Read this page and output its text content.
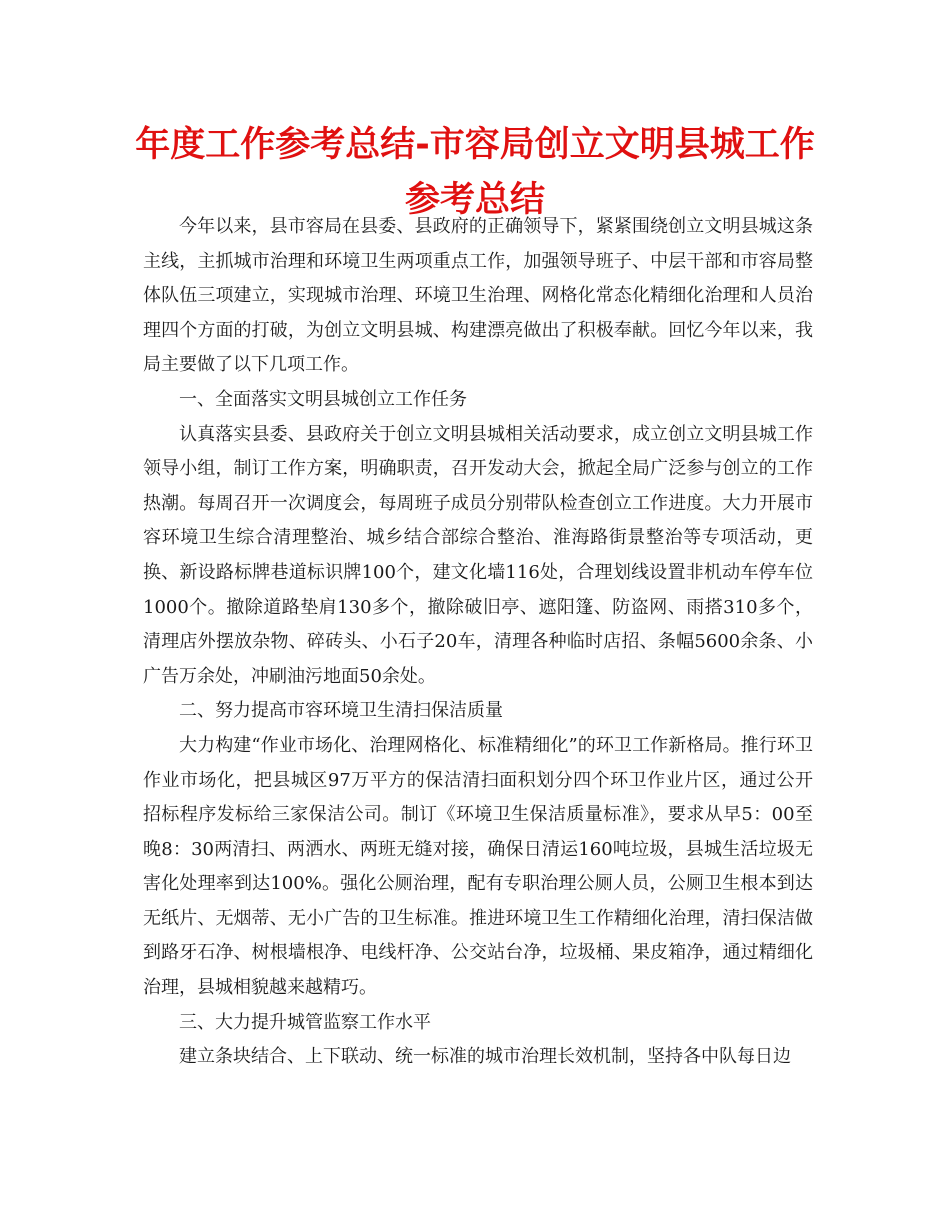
年度工作参考总结-市容局创立文明县城工作参考总结

今年以来，县市容局在县委、县政府的正确领导下，紧紧围绕创立文明县城这条主线，主抓城市治理和环境卫生两项重点工作，加强领导班子、中层干部和市容局整体队伍三项建立，实现城市治理、环境卫生治理、网格化常态化精细化治理和人员治理四个方面的打破，为创立文明县城、构建漂亮做出了积极奉献。回忆今年以来，我局主要做了以下几项工作。

一、全面落实文明县城创立工作任务

认真落实县委、县政府关于创立文明县城相关活动要求，成立创立文明县城工作领导小组，制订工作方案，明确职责，召开发动大会，掀起全局广泛参与创立的工作热潮。每周召开一次调度会，每周班子成员分别带队检查创立工作进度。大力开展市容环境卫生综合清理整治、城乡结合部综合整治、淮海路街景整治等专项活动，更换、新设路标牌巷道标识牌100个，建文化墙116处，合理划线设置非机动车停车位1000个。撤除道路垫肩130多个，撤除破旧亭、遮阳篷、防盗网、雨搭310多个，清理店外摆放杂物、碎砖头、小石子20车，清理各种临时店招、条幅5600余条、小广告万余处，冲刷油污地面50余处。

二、努力提高市容环境卫生清扫保洁质量

大力构建“作业市场化、治理网格化、标准精细化”的环卫工作新格局。推行环卫作业市场化，把县城区97万平方的保洁清扫面积划分四个环卫作业片区，通过公开招标程序发标给三家保洁公司。制订《环境卫生保洁质量标准》，要求从早5：00至晚8：30两清扫、两洒水、两班无缝对接，确保日清运160吨垃圾，县城生活垃圾无害化处理率到达100%。强化公厕治理，配有专职治理公厕人员，公厕卫生根本到达无纸片、无烟蒂、无小广告的卫生标准。推进环境卫生工作精细化治理，清扫保洁做到路牙石净、树根墙根净、电线杆净、公交站台净，垃圾桶、果皮箱净，通过精细化治理，县城相貌越来越精巧。

三、大力提升城管监察工作水平

建立条块结合、上下联动、统一标准的城市治理长效机制，坚持各中队每日边
